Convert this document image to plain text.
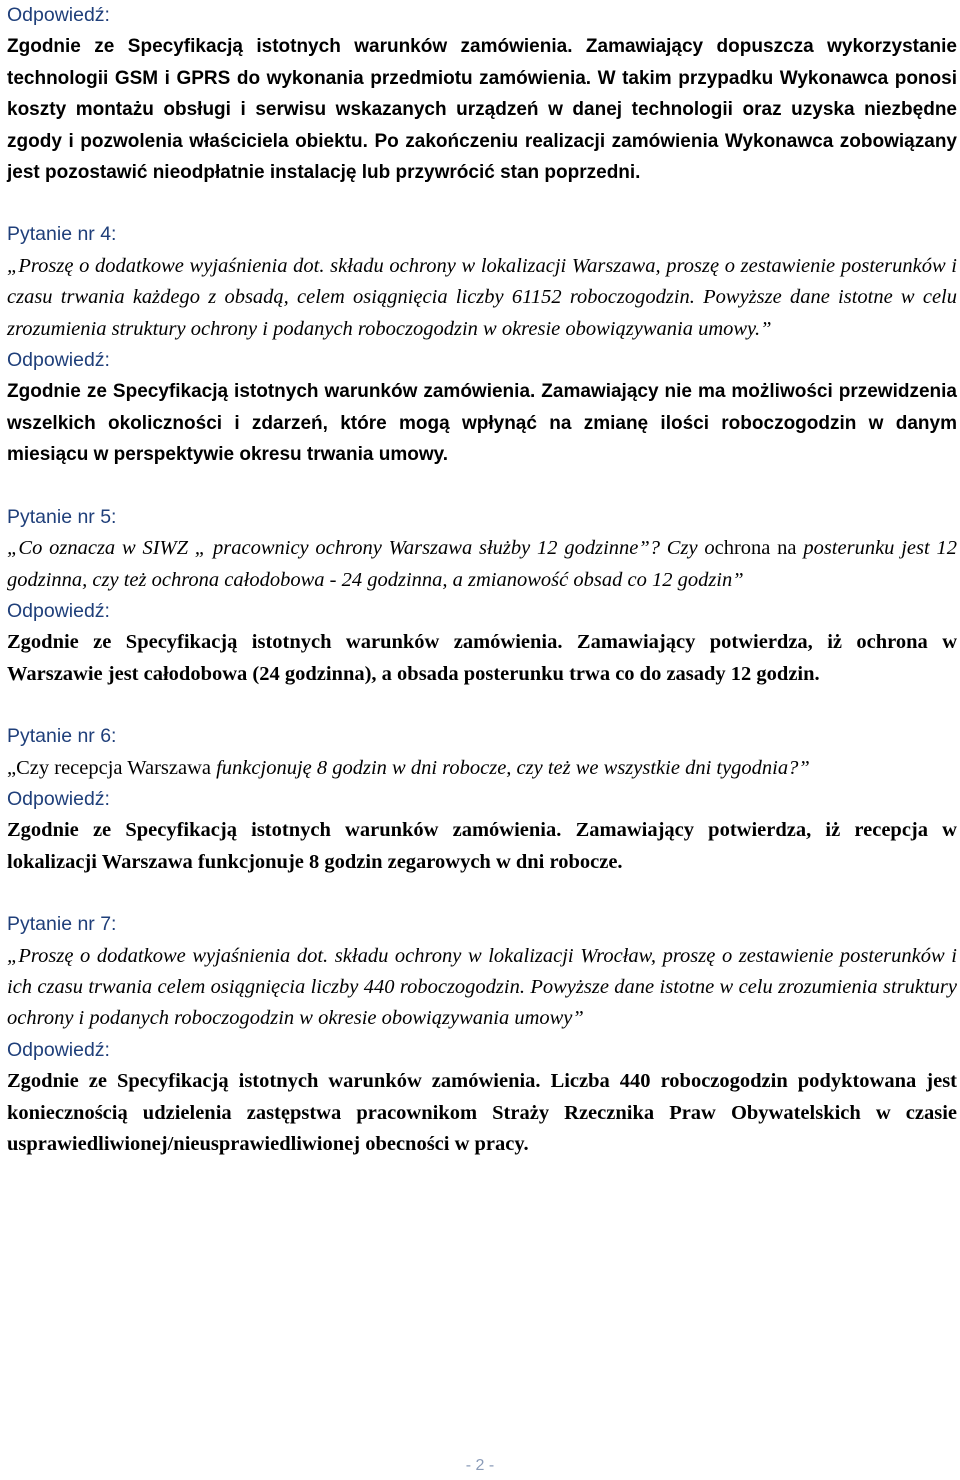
Odpowiedź:

Zgodnie ze Specyfikacją istotnych warunków zamówienia. Zamawiający dopuszcza wykorzystanie technologii GSM i GPRS do wykonania przedmiotu zamówienia. W takim przypadku Wykonawca ponosi koszty montażu obsługi i serwisu wskazanych urządzeń w danej technologii oraz uzyska niezbędne zgody i pozwolenia właściciela obiektu. Po zakończeniu realizacji zamówienia Wykonawca zobowiązany jest pozostawić nieodpłatnie instalację lub przywrócić stan poprzedni.

Pytanie nr 4:

„Proszę o dodatkowe wyjaśnienia dot. składu ochrony w lokalizacji Warszawa, proszę o zestawienie posterunków i czasu trwania każdego z obsadą, celem osiągnięcia liczby 61152 roboczogodzin. Powyższe dane istotne w celu zrozumienia struktury ochrony i podanych roboczogodzin w okresie obowiązywania umowy.”

Odpowiedź:

Zgodnie ze Specyfikacją istotnych warunków zamówienia. Zamawiający nie ma możliwości przewidzenia wszelkich okoliczności i zdarzeń, które mogą wpłynąć na zmianę ilości roboczogodzin w danym miesiącu w perspektywie okresu trwania umowy.

Pytanie nr 5:

„Co oznacza w SIWZ „ pracownicy ochrony Warszawa służby 12 godzinne”? Czy ochrona na posterunku jest 12 godzinna, czy też ochrona całodobowa - 24 godzinna, a zmianowość obsad co 12 godzin”

Odpowiedź:

Zgodnie ze Specyfikacją istotnych warunków zamówienia. Zamawiający potwierdza, iż ochrona w Warszawie jest całodobowa (24 godzinna), a obsada posterunku trwa co do zasady 12 godzin.

Pytanie nr 6:

„Czy recepcja Warszawa funkcjonuję 8 godzin w dni robocze, czy też we wszystkie dni tygodnia?”

Odpowiedź:

Zgodnie ze Specyfikacją istotnych warunków zamówienia. Zamawiający potwierdza, iż recepcja w lokalizacji Warszawa funkcjonuje 8 godzin zegarowych w dni robocze.

Pytanie nr 7:

„Proszę o dodatkowe wyjaśnienia dot. składu ochrony w lokalizacji Wrocław, proszę o zestawienie posterunków i ich czasu trwania celem osiągnięcia liczby 440 roboczogodzin. Powyższe dane istotne w celu zrozumienia struktury ochrony i podanych roboczogodzin w okresie obowiązywania umowy”

Odpowiedź:

Zgodnie ze Specyfikacją istotnych warunków zamówienia. Liczba 440 roboczogodzin podyktowana jest koniecznością udzielenia zastępstwa pracownikom Straży Rzecznika Praw Obywatelskich w czasie usprawiedliwionej/nieusprawiedliwionej obecności w pracy.

- 2 -
